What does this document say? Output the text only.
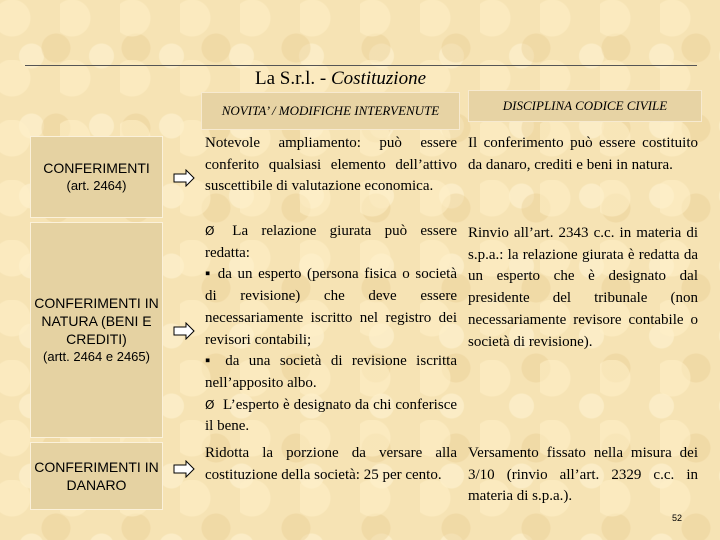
La S.r.l. - Costituzione
NOVITA’ / MODIFICHE INTERVENUTE	DISCIPLINA CODICE CIVILE
CONFERIMENTI
(art. 2464)

Notevole ampliamento: può essere conferito qualsiasi elemento dell’attivo suscettibile di valutazione economica.

Il conferimento può essere costituito da danaro, crediti e beni in natura.

CONFERIMENTI IN NATURA (BENI E CREDITI)
(artt. 2464 e 2465)

Ø La relazione giurata può essere redatta:
▪ da un esperto (persona fisica o società di revisione) che deve essere necessariamente iscritto nel registro dei revisori contabili;
▪ da una società di revisione iscritta nell’apposito albo.
Ø L’esperto è designato da chi conferisce il bene.

Rinvio all’art. 2343 c.c. in materia di s.p.a.: la relazione giurata è redatta da un esperto che è designato dal presidente del tribunale (non necessariamente revisore contabile o società di revisione).

CONFERIMENTI IN DANARO

Ridotta la porzione da versare alla costituzione della società: 25 per cento.

Versamento fissato nella misura dei 3/10 (rinvio all’art. 2329 c.c. in materia di s.p.a.).

52
